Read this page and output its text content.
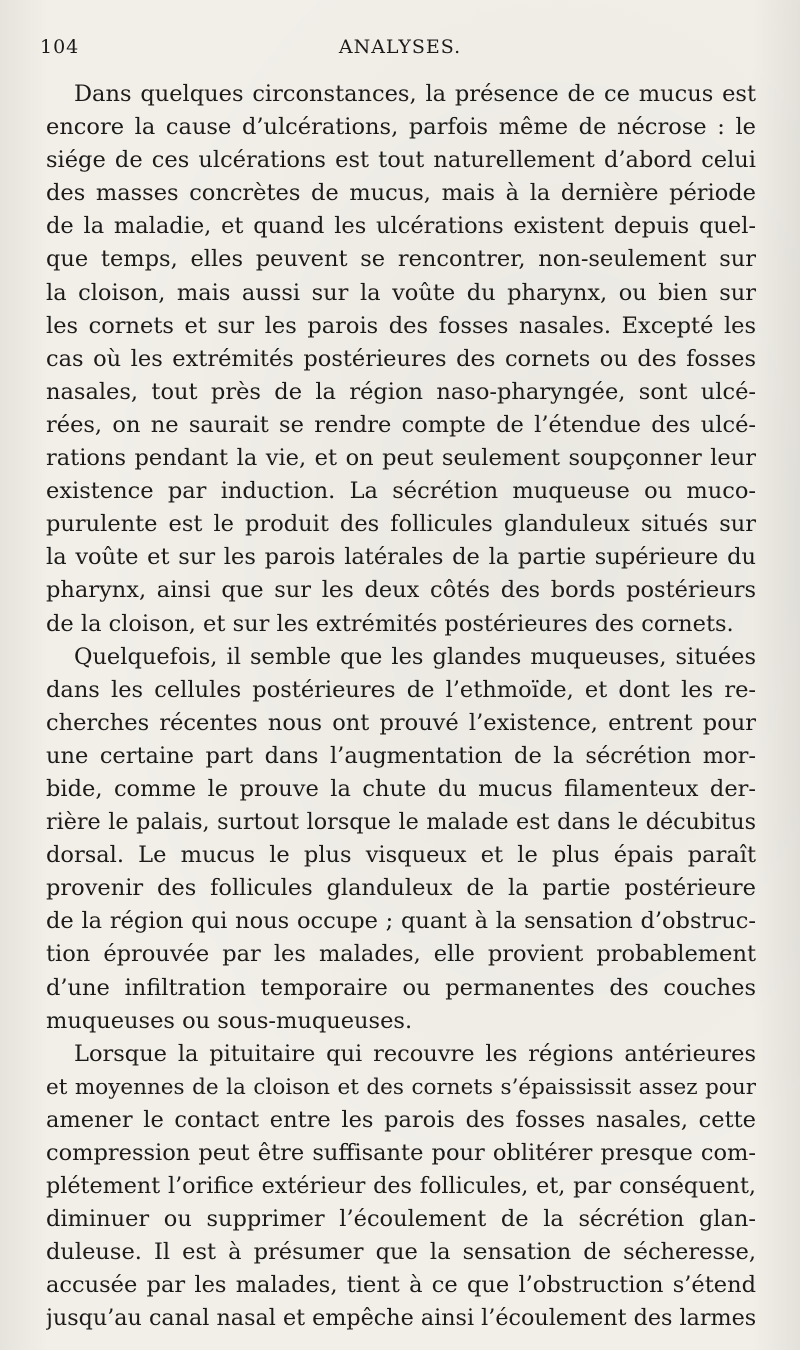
104	ANALYSES.
Dans quelques circonstances, la présence de ce mucus est
encore la cause d’ulcérations, parfois même de nécrose : le
siége de ces ulcérations est tout naturellement d’abord celui
des masses concrètes de mucus, mais à la dernière période
de la maladie, et quand les ulcérations existent depuis quel-
que temps, elles peuvent se rencontrer, non-seulement sur
la cloison, mais aussi sur la voûte du pharynx, ou bien sur
les cornets et sur les parois des fosses nasales. Excepté les
cas où les extrémités postérieures des cornets ou des fosses
nasales, tout près de la région naso-pharyngée, sont ulcé-
rées, on ne saurait se rendre compte de l’étendue des ulcé-
rations pendant la vie, et on peut seulement soupçonner leur
existence par induction. La sécrétion muqueuse ou muco-
purulente est le produit des follicules glanduleux situés sur
la voûte et sur les parois latérales de la partie supérieure du
pharynx, ainsi que sur les deux côtés des bords postérieurs
de la cloison, et sur les extrémités postérieures des cornets.
Quelquefois, il semble que les glandes muqueuses, situées
dans les cellules postérieures de l’ethmoïde, et dont les re-
cherches récentes nous ont prouvé l’existence, entrent pour
une certaine part dans l’augmentation de la sécrétion mor-
bide, comme le prouve la chute du mucus filamenteux der-
rière le palais, surtout lorsque le malade est dans le décubitus
dorsal. Le mucus le plus visqueux et le plus épais paraît
provenir des follicules glanduleux de la partie postérieure
de la région qui nous occupe ; quant à la sensation d’obstruc-
tion éprouvée par les malades, elle provient probablement
d’une infiltration temporaire ou permanentes des couches
muqueuses ou sous-muqueuses.
Lorsque la pituitaire qui recouvre les régions antérieures
et moyennes de la cloison et des cornets s’épaississit assez pour
amener le contact entre les parois des fosses nasales, cette
compression peut être suffisante pour oblitérer presque com-
plétement l’orifice extérieur des follicules, et, par conséquent,
diminuer ou supprimer l’écoulement de la sécrétion glan-
duleuse. Il est à présumer que la sensation de sécheresse,
accusée par les malades, tient à ce que l’obstruction s’étend
jusqu’au canal nasal et empêche ainsi l’écoulement des larmes
